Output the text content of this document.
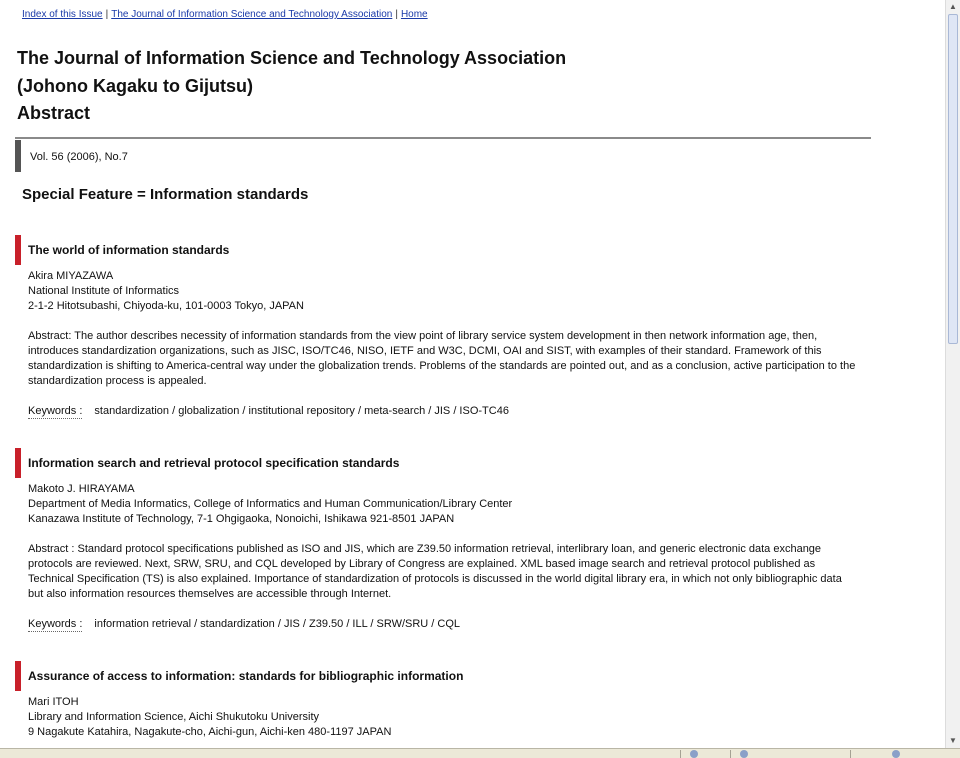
Index of this Issue | The Journal of Information Science and Technology Association | Home
The Journal of Information Science and Technology Association
(Johono Kagaku to Gijutsu)
Abstract
Vol. 56 (2006), No.7
Special Feature = Information standards
The world of information standards
Akira MIYAZAWA
National Institute of Informatics
2-1-2 Hitotsubashi, Chiyoda-ku, 101-0003 Tokyo, JAPAN
Abstract: The author describes necessity of information standards from the view point of library service system development in then network information age, then, introduces standardization organizations, such as JISC, ISO/TC46, NISO, IETF and W3C, DCMI, OAI and SIST, with examples of their standard. Framework of this standardization is shifting to America-central way under the globalization trends. Problems of the standards are pointed out, and as a conclusion, active participation to the standardization process is appealed.
Keywords : standardization / globalization / institutional repository / meta-search / JIS / ISO-TC46
Information search and retrieval protocol specification standards
Makoto J. HIRAYAMA
Department of Media Informatics, College of Informatics and Human Communication/Library Center
Kanazawa Institute of Technology, 7-1 Ohgigaoka, Nonoichi, Ishikawa 921-8501 JAPAN
Abstract : Standard protocol specifications published as ISO and JIS, which are Z39.50 information retrieval, interlibrary loan, and generic electronic data exchange protocols are reviewed. Next, SRW, SRU, and CQL developed by Library of Congress are explained. XML based image search and retrieval protocol published as Technical Specification (TS) is also explained. Importance of standardization of protocols is discussed in the world digital library era, in which not only bibliographic data but also information resources themselves are accessible through Internet.
Keywords : information retrieval / standardization / JIS / Z39.50 / ILL / SRW/SRU / CQL
Assurance of access to information: standards for bibliographic information
Mari ITOH
Library and Information Science, Aichi Shukutoku University
9 Nagakute Katahira, Nagakute-cho, Aichi-gun, Aichi-ken 480-1197 JAPAN
▲
▼
